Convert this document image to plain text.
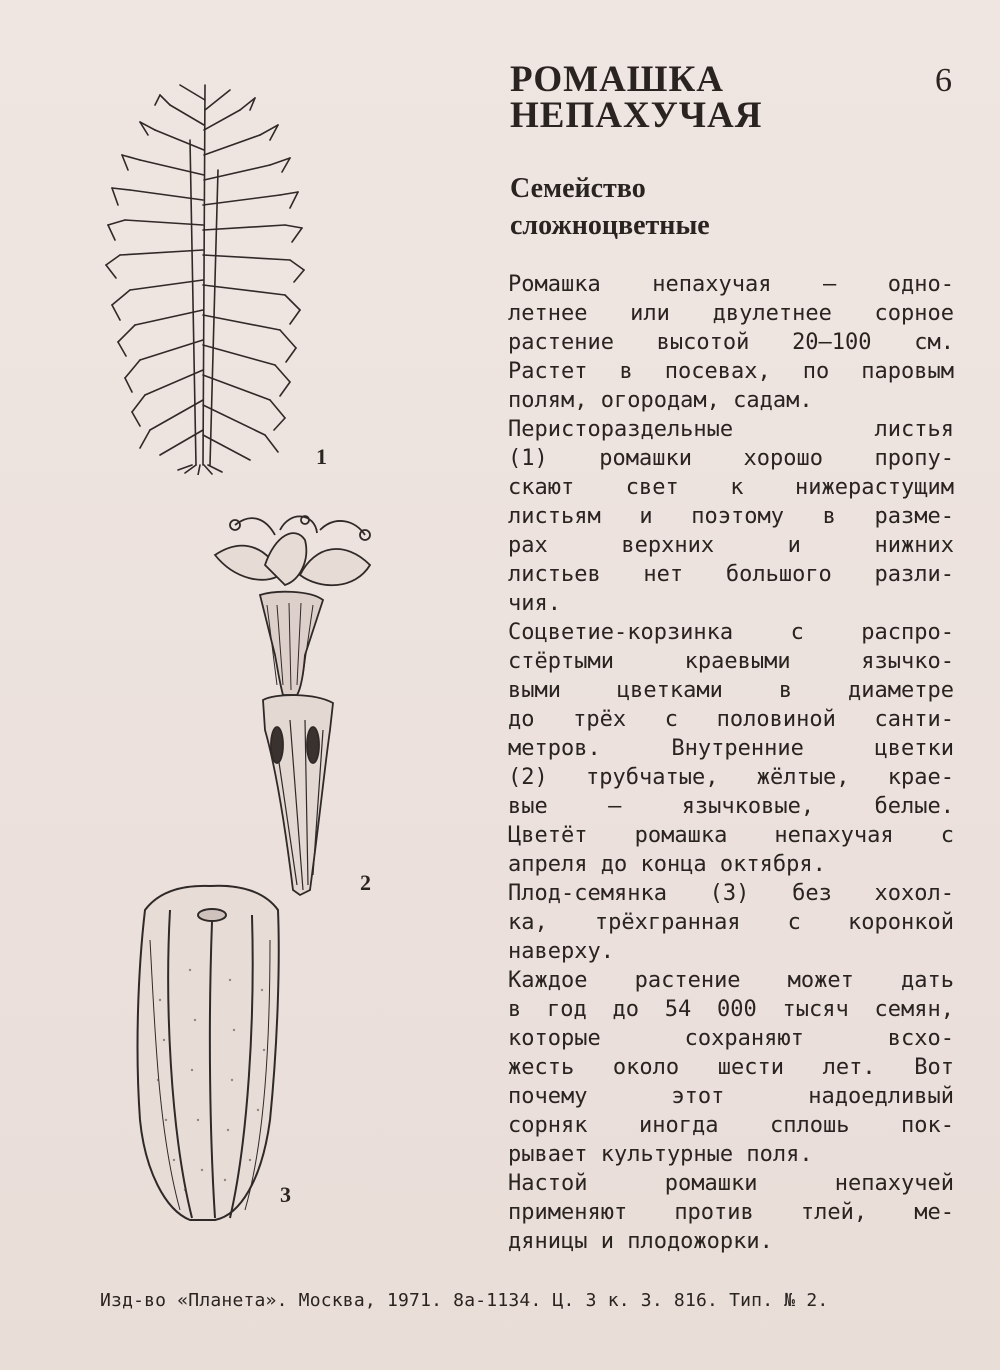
1
2
3
РОМАШКА
НЕПАХУЧАЯ
6
Семейство
сложноцветные
Ромашка непахучая — одно-
летнее или двулетнее сорное
растение высотой 20—100 см.
Растет в посевах, по паровым
полям, огородам, садам.
Перистораздельные	листья
(1) ромашки хорошо пропу-
скают свет к нижерастущим
листьям и поэтому в разме-
рах	верхних	и	нижних
листьев нет большого разли-
чия.
Соцветие-корзинка	с	распро-
стёртыми	краевыми	язычко-
выми	цветками	в	диаметре
до трёх с половиной санти-
метров.	Внутренние	цветки
(2) трубчатые, жёлтые, крае-
вые	—	язычковые,	белые.
Цветёт ромашка непахучая с
апреля до конца октября.
Плод-семянка (3) без хохол-
ка, трёхгранная с коронкой
наверху.
Каждое растение может дать
в год до 54 000 тысяч семян,
которые	сохраняют	всхо-
жесть около шести лет. Вот
почему	этот	надоедливый
сорняк иногда сплошь пок-
рывает культурные поля.
Настой	ромашки	непахучей
применяют против тлей, ме-
дяницы и плодожорки.
Изд-во «Планета». Москва, 1971. 8а-1134. Ц. 3 к. З. 816. Тип. № 2.
